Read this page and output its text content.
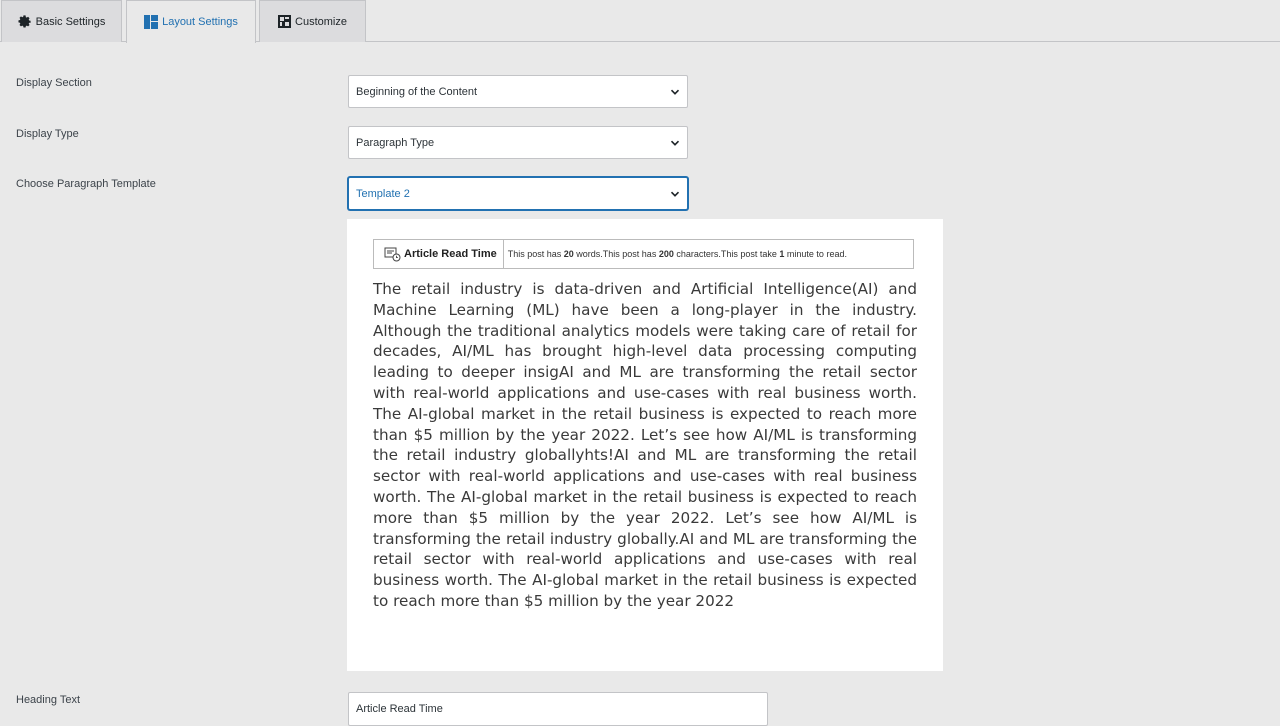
Basic Settings	Layout Settings	Customize
Display Section
Beginning of the Content
Display Type
Paragraph Type
Choose Paragraph Template
Template 2
Article Read Time	This post has 20 words.This post has 200 characters.This post take 1 minute to read.

The retail industry is data-driven and Artificial Intelligence(AI) and Machine Learning (ML) have been a long-player in the industry. Although the traditional analytics models were taking care of retail for decades, AI/ML has brought high-level data processing computing leading to deeper insigAI and ML are transforming the retail sector with real-world applications and use-cases with real business worth. The AI-global market in the retail business is expected to reach more than $5 million by the year 2022. Let’s see how AI/ML is transforming the retail industry globallyhts!AI and ML are transforming the retail sector with real-world applications and use-cases with real business worth. The AI-global market in the retail business is expected to reach more than $5 million by the year 2022. Let’s see how AI/ML is transforming the retail industry globally.AI and ML are transforming the retail sector with real-world applications and use-cases with real business worth. The AI-global market in the retail business is expected to reach more than $5 million by the year 2022

Heading Text
Article Read Time
